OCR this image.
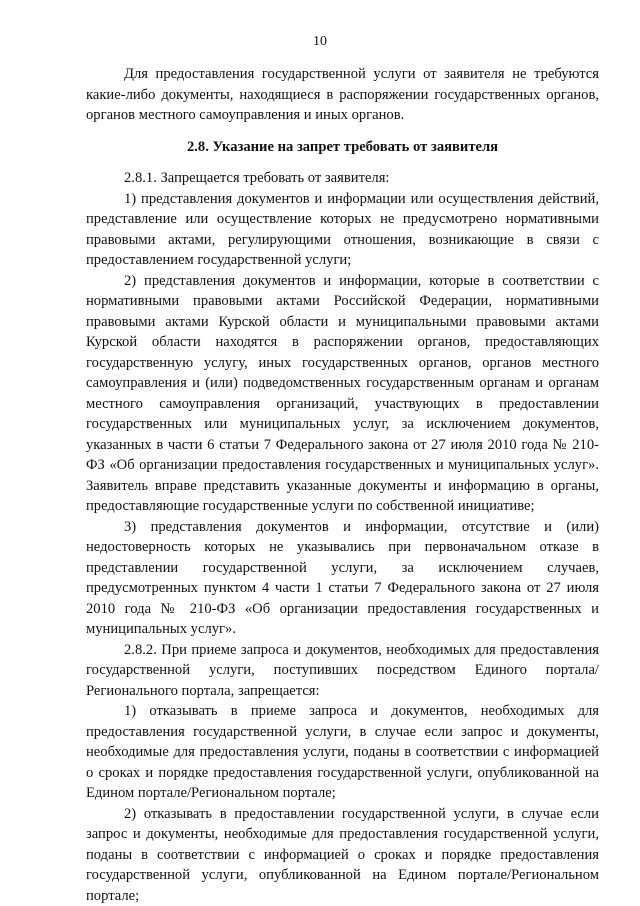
10

Для предоставления государственной услуги от заявителя не требуются какие-либо документы, находящиеся в распоряжении государственных органов, органов местного самоуправления и иных органов.

2.8. Указание на запрет требовать от заявителя

2.8.1. Запрещается требовать от заявителя:

1) представления документов и информации или осуществления действий, представление или осуществление которых не предусмотрено нормативными правовыми актами, регулирующими отношения, возникающие в связи с предоставлением государственной услуги;

2) представления документов и информации, которые в соответствии с нормативными правовыми актами Российской Федерации, нормативными правовыми актами Курской области и муниципальными правовыми актами Курской области находятся в распоряжении органов, предоставляющих государственную услугу, иных государственных органов, органов местного самоуправления и (или) подведомственных государственным органам и органам местного самоуправления организаций, участвующих в предоставлении государственных или муниципальных услуг, за исключением документов, указанных в части 6 статьи 7 Федерального закона от 27 июля 2010 года № 210-ФЗ «Об организации предоставления государственных и муниципальных услуг». Заявитель вправе представить указанные документы и информацию в органы, предоставляющие государственные услуги по собственной инициативе;

3) представления документов и информации, отсутствие и (или) недостоверность которых не указывались при первоначальном отказе в представлении государственной услуги, за исключением случаев, предусмотренных пунктом 4 части 1 статьи 7 Федерального закона от 27 июля 2010 года № 210-ФЗ «Об организации предоставления государственных и муниципальных услуг».

2.8.2. При приеме запроса и документов, необходимых для предоставления государственной услуги, поступивших посредством Единого портала/Регионального портала, запрещается:

1) отказывать в приеме запроса и документов, необходимых для предоставления государственной услуги, в случае если запрос и документы, необходимые для предоставления услуги, поданы в соответствии с информацией о сроках и порядке предоставления государственной услуги, опубликованной на Едином портале/Региональном портале;

2) отказывать в предоставлении государственной услуги, в случае если запрос и документы, необходимые для предоставления государственной услуги, поданы в соответствии с информацией о сроках и порядке предоставления государственной услуги, опубликованной на Едином портале/Региональном портале;
